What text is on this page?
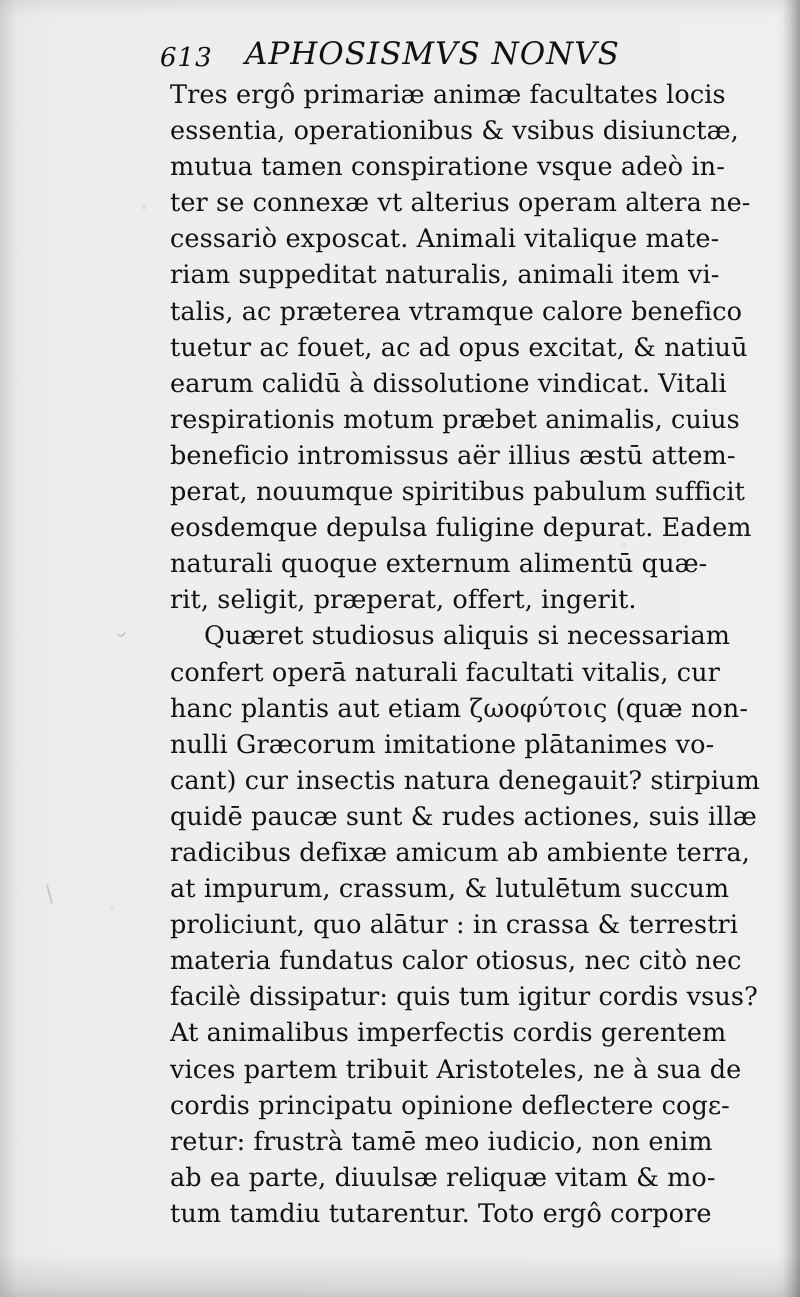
˘
/
613 APHOSISMVS NONVS
Tres ergô primariæ animæ facultates locis
essentia, operationibus & vsibus disiunctæ,
mutua tamen conspiratione vsque adeò in-
ter se connexæ vt alterius operam altera ne-
cessariò exposcat. Animali vitalique mate-
riam suppeditat naturalis, animali item vi-
talis, ac præterea vtramque calore benefico
tuetur ac fouet, ac ad opus excitat, & natiuū
earum calidū à dissolutione vindicat. Vitali
respirationis motum præbet animalis, cuius
beneficio intromissus aër illius æstū attem-
perat, nouumque spiritibus pabulum sufficit
eosdemque depulsa fuligine depurat. Eadem
naturali quoque externum alimentū quæ-
rit, seligit, præperat, offert, ingerit.
Quæret studiosus aliquis si necessariam
confert operā naturali facultati vitalis, cur
hanc plantis aut etiam ζωοφύτοις (quæ non-
nulli Græcorum imitatione plātanimes vo-
cant) cur insectis natura denegauit? stirpium
quidē paucæ sunt & rudes actiones, suis illæ
radicibus defixæ amicum ab ambiente terra,
at impurum, crassum, & lutulētum succum
proliciunt, quo alātur : in crassa & terrestri
materia fundatus calor otiosus, nec citò nec
facilè dissipatur: quis tum igitur cordis vsus?
At animalibus imperfectis cordis gerentem
vices partem tribuit Aristoteles, ne à sua de
cordis principatu opinione deflectere cogε-
retur: frustrà tamē meo iudicio, non enim
ab ea parte, diuulsæ reliquæ vitam & mo-
tum tamdiu tutarentur. Toto ergô corpore
